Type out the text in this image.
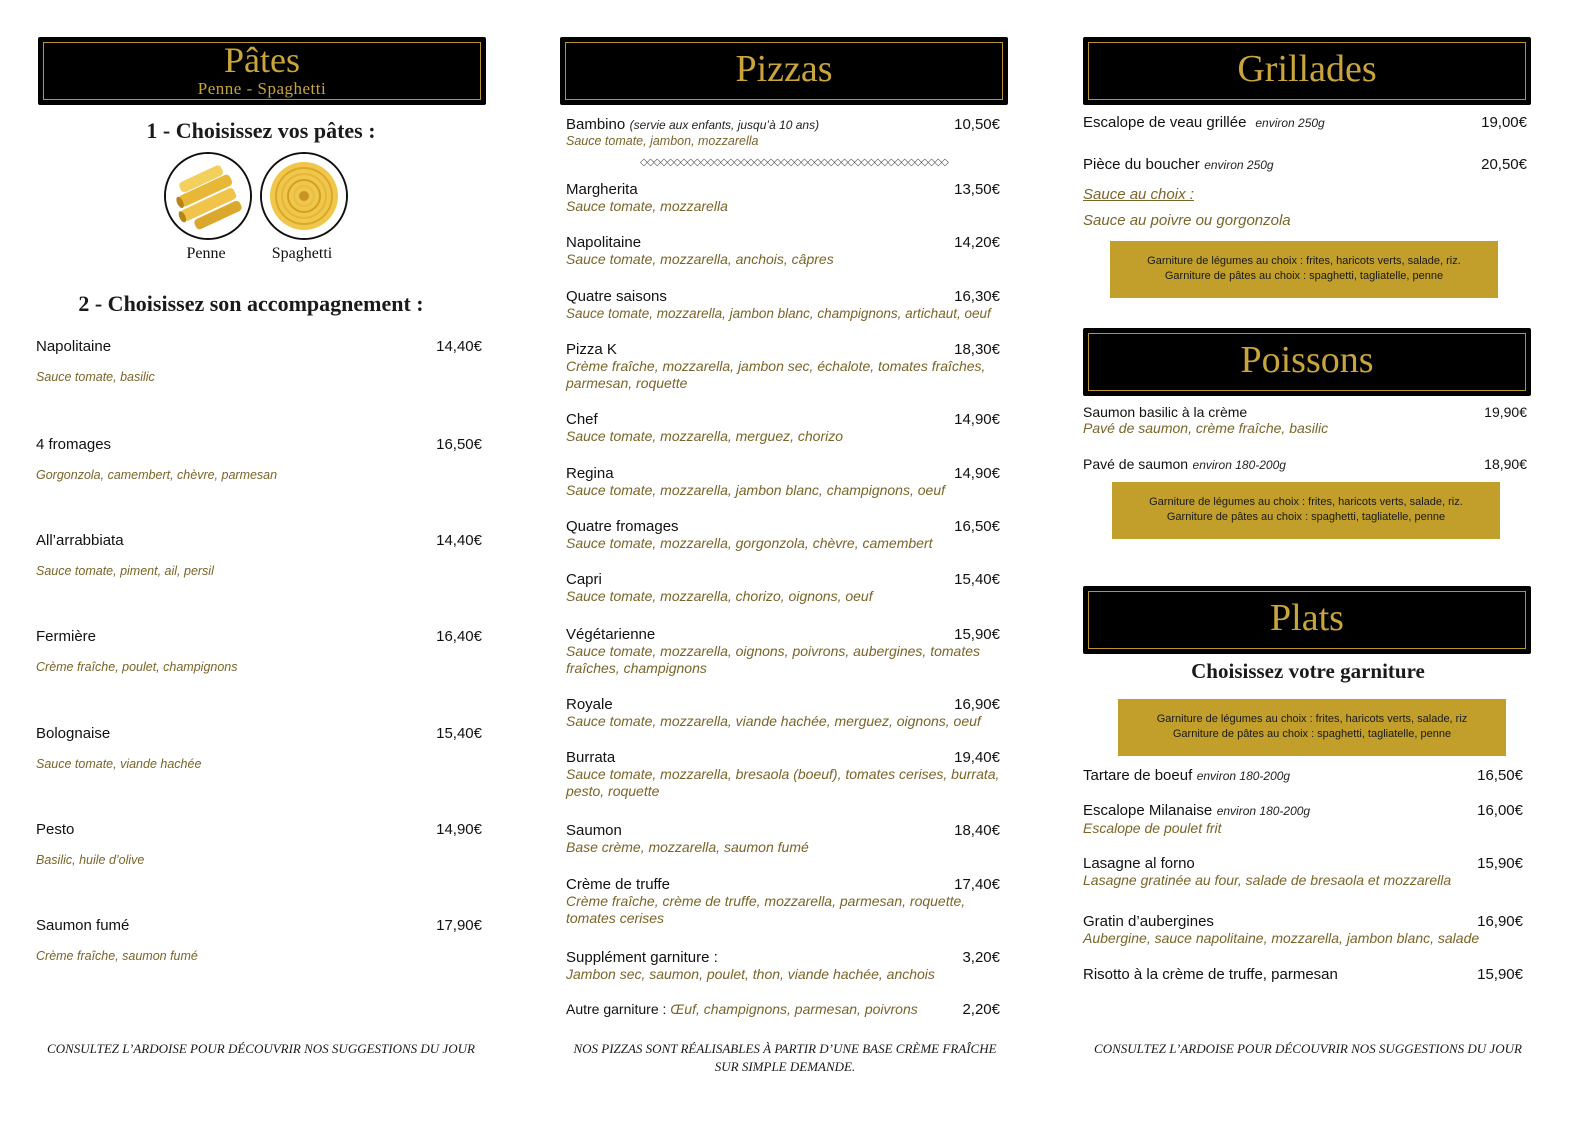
Pâtes
Penne - Spaghetti
1 - Choisissez vos pâtes :
Penne	Spaghetti
2 - Choisissez son accompagnement :
Napolitaine	14,40€
Sauce tomate, basilic
4 fromages	16,50€
Gorgonzola, camembert, chèvre, parmesan
All’arrabbiata	14,40€
Sauce tomate, piment, ail, persil
Fermière	16,40€
Crème fraîche, poulet, champignons
Bolognaise	15,40€
Sauce tomate, viande hachée
Pesto	14,90€
Basilic, huile d’olive
Saumon fumé	17,90€
Crème fraîche, saumon fumé
CONSULTEZ L’ARDOISE POUR DÉCOUVRIR NOS SUGGESTIONS DU JOUR
Pizzas
Bambino (servie aux enfants, jusqu’à 10 ans)	10,50€
Sauce tomate, jambon, mozzarella
◇◇◇◇◇◇◇◇◇◇◇◇◇◇◇◇◇◇◇◇◇◇◇◇◇◇◇◇◇◇◇◇◇◇◇◇◇◇◇◇◇◇◇◇◇◇
Margherita	13,50€
Sauce tomate, mozzarella
Napolitaine	14,20€
Sauce tomate, mozzarella, anchois, câpres
Quatre saisons	16,30€
Sauce tomate, mozzarella, jambon blanc, champignons, artichaut, oeuf
Pizza K	18,30€
Crème fraîche, mozzarella, jambon sec, échalote, tomates fraîches, parmesan, roquette
Chef	14,90€
Sauce tomate, mozzarella, merguez, chorizo
Regina	14,90€
Sauce tomate, mozzarella, jambon blanc, champignons, oeuf
Quatre fromages	16,50€
Sauce tomate, mozzarella, gorgonzola, chèvre, camembert
Capri	15,40€
Sauce tomate, mozzarella, chorizo, oignons, oeuf
Végétarienne	15,90€
Sauce tomate, mozzarella, oignons, poivrons, aubergines, tomates fraîches, champignons
Royale	16,90€
Sauce tomate, mozzarella, viande hachée, merguez, oignons, oeuf
Burrata	19,40€
Sauce tomate, mozzarella, bresaola (boeuf), tomates cerises, burrata, pesto, roquette
Saumon	18,40€
Base crème, mozzarella, saumon fumé
Crème de truffe	17,40€
Crème fraîche, crème de truffe, mozzarella, parmesan, roquette, tomates cerises
Supplément garniture :	3,20€
Jambon sec, saumon, poulet, thon, viande hachée, anchois
Autre garniture : Œuf, champignons, parmesan, poivrons	2,20€
NOS PIZZAS SONT RÉALISABLES À PARTIR D’UNE BASE CRÈME FRAÎCHE SUR SIMPLE DEMANDE.
Grillades
Escalope de veau grillée environ 250g	19,00€
Pièce du boucher environ 250g	20,50€
Sauce au choix :
Sauce au poivre ou gorgonzola
Garniture de légumes au choix : frites, haricots verts, salade, riz.
Garniture de pâtes au choix : spaghetti, tagliatelle, penne
Poissons
Saumon basilic à la crème	19,90€
Pavé de saumon, crème fraîche, basilic
Pavé de saumon environ 180-200g	18,90€
Garniture de légumes au choix : frites, haricots verts, salade, riz.
Garniture de pâtes au choix : spaghetti, tagliatelle, penne
Plats
Choisissez votre garniture
Garniture de légumes au choix : frites, haricots verts, salade, riz
Garniture de pâtes au choix : spaghetti, tagliatelle, penne
Tartare de boeuf environ 180-200g	16,50€
Escalope Milanaise environ 180-200g	16,00€
Escalope de poulet frit
Lasagne al forno	15,90€
Lasagne gratinée au four, salade de bresaola et mozzarella
Gratin d’aubergines	16,90€
Aubergine, sauce napolitaine, mozzarella, jambon blanc, salade
Risotto à la crème de truffe, parmesan	15,90€
CONSULTEZ L’ARDOISE POUR DÉCOUVRIR NOS SUGGESTIONS DU JOUR
